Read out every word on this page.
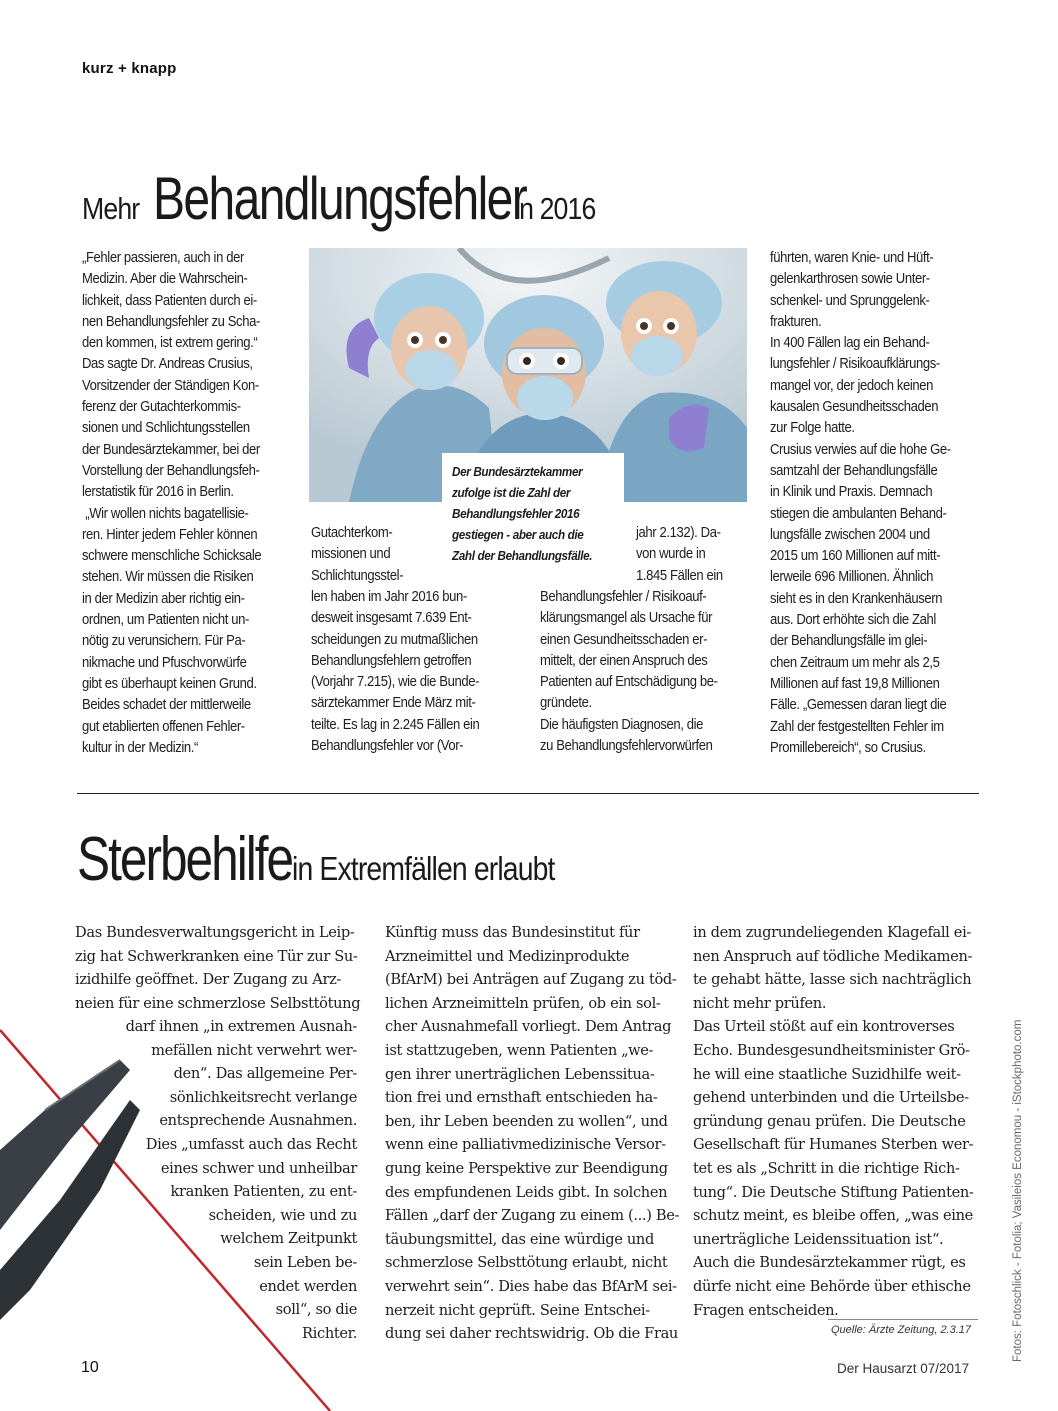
kurz + knapp
Mehr Behandlungsfehler in 2016
„Fehler passieren, auch in der
Medizin. Aber die Wahrschein-
lichkeit, dass Patienten durch ei-
nen Behandlungsfehler zu Scha-
den kommen, ist extrem gering.“
Das sagte Dr. Andreas Crusius,
Vorsitzender der Ständigen Kon-
ferenz der Gutachterkommis-
sionen und Schlichtungsstellen
der Bundesärztekammer, bei der
Vorstellung der Behandlungsfeh-
lerstatistik für 2016 in Berlin.
„Wir wollen nichts bagatellisie-
ren. Hinter jedem Fehler können
schwere menschliche Schicksale
stehen. Wir müssen die Risiken
in der Medizin aber richtig ein-
ordnen, um Patienten nicht un-
nötig zu verunsichern. Für Pa-
nikmache und Pfuschvorwürfe
gibt es überhaupt keinen Grund.
Beides schadet der mittlerweile
gut etablierten offenen Fehler-
kultur in der Medizin.“
Gutachterkom-
missionen und
Schlichtungsstel-
len haben im Jahr 2016 bun-
desweit insgesamt 7.639 Ent-
scheidungen zu mutmaßlichen
Behandlungsfehlern getroffen
(Vorjahr 7.215), wie die Bunde-
särztekammer Ende März mit-
teilte. Es lag in 2.245 Fällen ein
Behandlungsfehler vor (Vor-
jahr 2.132). Da-
von wurde in
1.845 Fällen ein
Behandlungsfehler / Risikoauf-
klärungsmangel als Ursache für
einen Gesundheitsschaden er-
mittelt, der einen Anspruch des
Patienten auf Entschädigung be-
gründete.
Die häufigsten Diagnosen, die
zu Behandlungsfehlervorwürfen
führten, waren Knie- und Hüft-
gelenkarthrosen sowie Unter-
schenkel- und Sprunggelenk-
frakturen.
In 400 Fällen lag ein Behand-
lungsfehler / Risikoaufklärungs-
mangel vor, der jedoch keinen
kausalen Gesundheitsschaden
zur Folge hatte.
Crusius verwies auf die hohe Ge-
samtzahl der Behandlungsfälle
in Klinik und Praxis. Demnach
stiegen die ambulanten Behand-
lungsfälle zwischen 2004 und
2015 um 160 Millionen auf mitt-
lerweile 696 Millionen. Ähnlich
sieht es in den Krankenhäusern
aus. Dort erhöhte sich die Zahl
der Behandlungsfälle im glei-
chen Zeitraum um mehr als 2,5
Millionen auf fast 19,8 Millionen
Fälle. „Gemessen daran liegt die
Zahl der festgestellten Fehler im
Promillebereich“, so Crusius.
Der Bundesärztekammer
zufolge ist die Zahl der
Behandlungsfehler 2016
gestiegen - aber auch die
Zahl der Behandlungsfälle.
Sterbehilfe in Extremfällen erlaubt
Das Bundesverwaltungsgericht in Leip-
zig hat Schwerkranken eine Tür zur Su-
izidhilfe geöffnet. Der Zugang zu Arz-
neien für eine schmerzlose Selbsttötung
darf ihnen „in extremen Ausnah-
mefällen nicht verwehrt wer-
den“. Das allgemeine Per-
sönlichkeitsrecht verlange
entsprechende Ausnahmen.
Dies „umfasst auch das Recht
eines schwer und unheilbar
kranken Patienten, zu ent-
scheiden, wie und zu
welchem Zeitpunkt
sein Leben be-
endet werden
soll“, so die
Richter.
Künftig muss das Bundesinstitut für
Arzneimittel und Medizinprodukte
(BfArM) bei Anträgen auf Zugang zu töd-
lichen Arzneimitteln prüfen, ob ein sol-
cher Ausnahmefall vorliegt. Dem Antrag
ist stattzugeben, wenn Patienten „we-
gen ihrer unerträglichen Lebenssitua-
tion frei und ernsthaft entschieden ha-
ben, ihr Leben beenden zu wollen“, und
wenn eine palliativmedizinische Versor-
gung keine Perspektive zur Beendigung
des empfundenen Leids gibt. In solchen
Fällen „darf der Zugang zu einem (...) Be-
täubungsmittel, das eine würdige und
schmerzlose Selbsttötung erlaubt, nicht
verwehrt sein“. Dies habe das BfArM sei-
nerzeit nicht geprüft. Seine Entschei-
dung sei daher rechtswidrig. Ob die Frau
in dem zugrundeliegenden Klagefall ei-
nen Anspruch auf tödliche Medikamen-
te gehabt hätte, lasse sich nachträglich
nicht mehr prüfen.
Das Urteil stößt auf ein kontroverses
Echo. Bundesgesundheitsminister Grö-
he will eine staatliche Suzidhilfe weit-
gehend unterbinden und die Urteilsbe-
gründung genau prüfen. Die Deutsche
Gesellschaft für Humanes Sterben wer-
tet es als „Schritt in die richtige Rich-
tung“. Die Deutsche Stiftung Patienten-
schutz meint, es bleibe offen, „was eine
unerträgliche Leidenssituation ist“.
Auch die Bundesärztekammer rügt, es
dürfe nicht eine Behörde über ethische
Fragen entscheiden.
Quelle: Ärzte Zeitung, 2.3.17	Fotos: Fotoschlick - Fotolia; Vasileios Economou - iStockphoto.com
10	Der Hausarzt 07/2017
